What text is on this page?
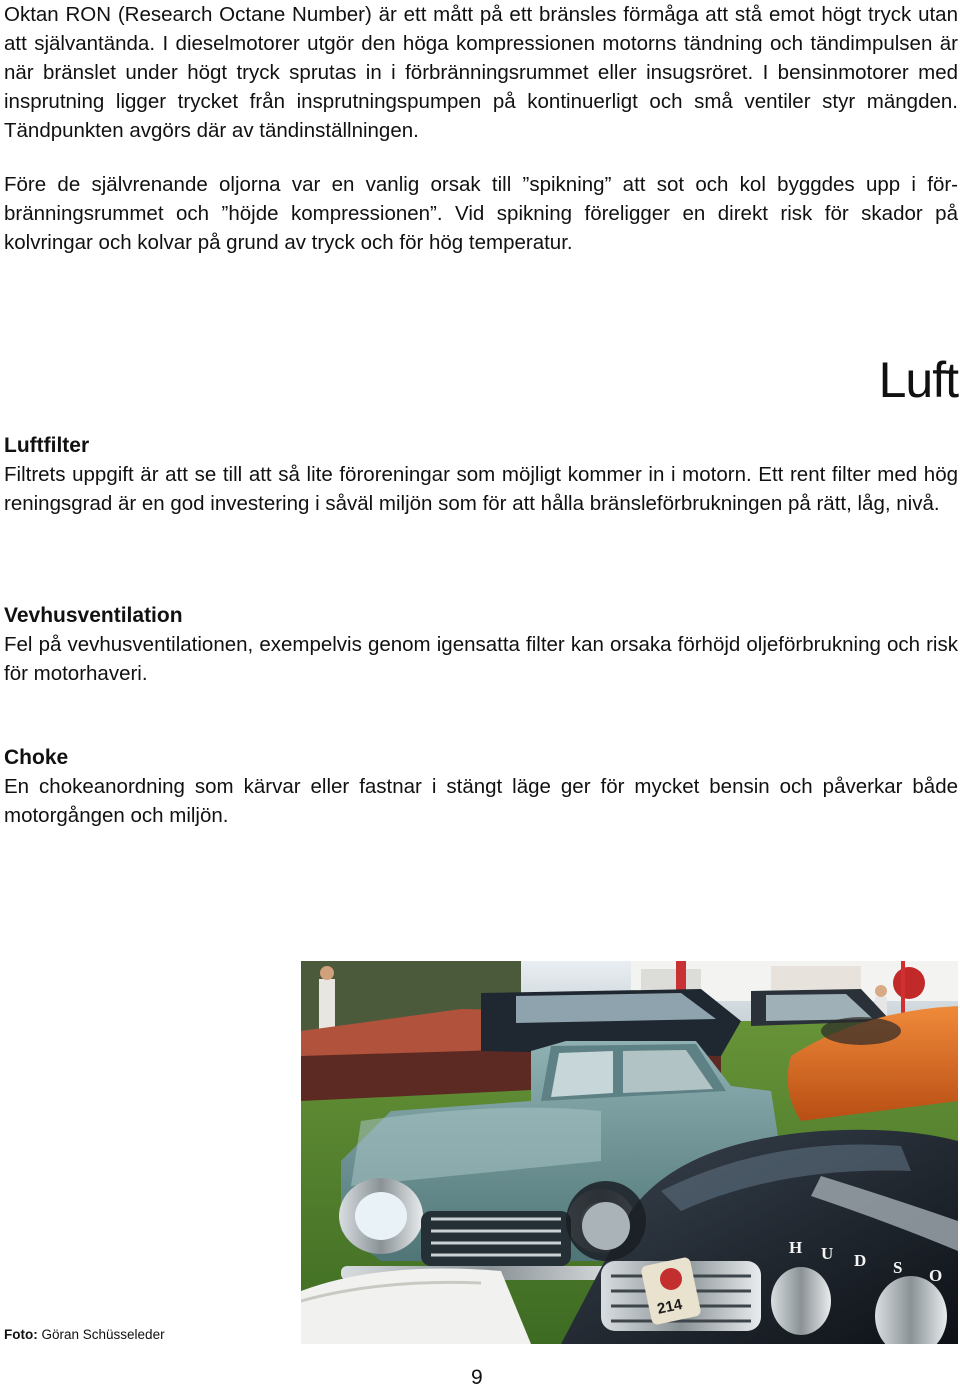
Oktan RON (Research Octane Number) är ett mått på ett bränsles förmåga att stå emot högt tryck utan att självantända. I dieselmotorer utgör den höga kompressionen motorns tändning och tändimpulsen är när bränslet under högt tryck sprutas in i förbränningsrummet eller insugsröret. I bensinmotorer med insprutning ligger trycket från insprutningspumpen på kontinuerligt och små ventiler styr mängden. Tändpunkten avgörs där av tändinställningen.

Före de självrenande oljorna var en vanlig orsak till ”spikning” att sot och kol byggdes upp i förbränningsrummet och ”höjde kompressionen”. Vid spikning föreligger en direkt risk för skador på kolvringar och kolvar på grund av tryck och för hög temperatur.

Luft
Luftfilter

Filtrets uppgift är att se till att så lite föroreningar som möjligt kommer in i motorn. Ett rent filter med hög reningsgrad är en god investering i såväl miljön som för att hålla bränsleförbrukningen på rätt, låg, nivå.

Vevhusventilation

Fel på vevhusventilationen, exempelvis genom igensatta filter kan orsaka förhöjd oljeförbrukning och risk för motorhaveri.

Choke

En chokeanordning som kärvar eller fastnar i stängt läge ger för mycket bensin och påverkar både motorgången och miljön.

214
H U D S O

Foto: Göran Schüsseleder

9
